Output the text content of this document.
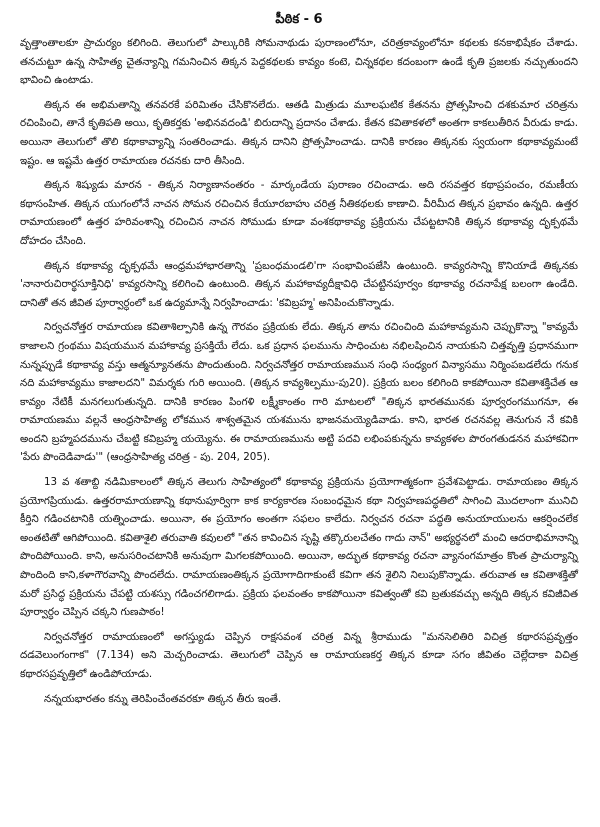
పీఠిక - 6

వృత్తాంతాలకూ ప్రాచుర్యం కలిగింది. తెలుగులో పాల్కురికి సోమనాథుడు పురాణంలోనూ, చరిత్రకావ్యంలోనూ కథలకు కనకాభిషేకం చేశాడు. తనచుట్టూ ఉన్న సాహిత్య చైతన్యాన్ని గమనించిన తిక్కన పెద్దకథలకు కావ్యం కంటె, చిన్నకథల కదంబంగా ఉండే కృతి ప్రజలకు నచ్చుతుందని భావించి ఉంటాడు.

తిక్కన ఈ అభిమతాన్ని తనవరకే పరిమితం చేసికొనలేదు. ఆతడి మిత్రుడు మూలఘటిక కేతనను ప్రోత్సహించి దశకుమార చరిత్రను రచింపించి, తానే కృతిపతి అయి, కృతికర్తకు 'అభినవదండి' బిరుదాన్ని ప్రదానం చేశాడు. కేతన కవితాకళలో అంతగా కాకలుతీరిన వీరుడు కాడు. అయినా తెలుగులో తొలి కథాకావ్యాన్ని సంతరించాడు. తిక్కన దానిని ప్రోత్సహించాడు. దానికి కారణం తిక్కనకు స్వయంగా కథాకావ్యమంటే ఇష్టం. ఆ ఇష్టమే ఉత్తర రామాయణ రచనకు దారి తీసింది.

తిక్కన శిష్యుడు మారన - తిక్కన నిర్యాణానంతరం - మార్కండేయ పురాణం రచించాడు. అది రసవత్తర కథాప్రపంచం, రమణీయ కథాసంహిత. తిక్కన యుగంలోనే నాచన సోమన రచించిన కేయూరబాహు చరిత్ర నీతికథలకు కాణాచి. వీరిమీద తిక్కన ప్రభావం ఉన్నది. ఉత్తర రామాయణంలో ఉత్తర హరివంశాన్ని రచించిన నాచన సోముడు కూడా వంశకథాకావ్య ప్రక్రియను చేపట్టటానికి తిక్కన కథాకావ్య దృక్పథమే దోహదం చేసింది.

తిక్కన కథాకావ్య దృక్పథమే ఆంధ్రమహాభారతాన్ని 'ప్రబంధమండలి'గా సంభావింపజేసి ఉంటుంది. కావ్యరసాన్ని కొనియాడే తిక్కనకు 'నానారుచిరార్థసూక్తినిధి' కావ్యరసాన్ని కలిగించి ఉంటుంది. తిక్కన మహాకావ్యదీక్షావిధి చేపట్టినపూర్వం కథాకావ్య రచనాపేక్ష బలంగా ఉండేది. దానితో తన జీవిత పూర్వార్ధంలో ఒక ఉద్యమాన్నే నిర్వహించాడు: 'కవిబ్రహ్మ' అనిపించుకొన్నాడు.

నిర్వచనోత్తర రామాయణ కవితాశిల్పానికి ఉన్న గౌరవం ప్రక్రియకు లేదు. తిక్కన తాను రచించింది మహాకావ్యమని చెప్పుకొన్నా "కావ్యమే కాజాలని గ్రంథము విషయమున మహాకావ్య ప్రసక్తియే లేదు. ఒక ప్రధాన ఫలమును సాధించుట నభిలషించిన నాయకుని చిత్తవృత్తి ప్రధానముగా నున్నప్పుడే కథాకావ్య వస్తు ఆత్మన్యూనతను పొందుతుంది. నిర్వచనోత్తర రామాయణమున సంధి సంధ్యంగ విన్యాసము నిర్మింపబడలేదు గనుక నది మహాకావ్యము కాజాలదని" విమర్శకు గురి అయింది. (తిక్కన కావ్యశిల్పము-పు20). ప్రక్రియ బలం కలిగింది కాకపోయినా కవితాశక్తిచేత ఆ కావ్యం నేటికీ మనగలుగుతున్నది. దానికి కారణం పింగళి లక్ష్మీకాంతం గారి మాటలలో "తిక్కన భారతమునకు పూర్వరంగముగనూ, ఈ రామాయణము వల్లనే ఆంధ్రసాహిత్య లోకమున శాశ్వతమైన యశమును భాజనమయ్యెడివాడు. కాని, భారత రచనవల్ల తెనుగున నే కవికి అందని బ్రహ్మపదమును చేబట్టి కవిబ్రహ్మ యయ్యెను. ఈ రామాయణమును అట్టి పదవి లభింపకున్నను కావ్యకళల పొరంగతుడనన మహాకవిగా 'పేరు పొందెడివాడు'" (ఆంధ్రసాహిత్య చరిత్ర - పు. 204, 205).

13 వ శతాబ్ది నడిమికాలంలో తిక్కన తెలుగు సాహిత్యంలో కథాకావ్య ప్రక్రియను ప్రయోగాత్మకంగా ప్రవేశపెట్టాడు. రామాయణం తిక్కన ప్రయోగప్రియుడు. ఉత్తరరామాయణాన్ని కథానుపూర్విగా కాక కార్యకారణ సంబంధమైన కథా నిర్వహణపద్ధతిలో సాగించి మొదలాంగా మునిచి కీర్తిని గడించటానికి యత్నించాడు. అయినా, ఈ ప్రయోగం అంతగా సఫలం కాలేదు. నిర్వచన రచనా పద్ధతి అనుయాయులను ఆకర్షించలేక అంతటితో ఆగిపోయింది. కవితాశైలి తరువాతి కవులలో "తన కావించిన సృష్టి తక్కొరులచేతం గాదు నాన్" అభ్యర్థనలో మంచి ఆదరాభిమానాన్ని పొందిపోయింది. కాని, అనుసరించటానికి అనువుగా మిగలకపోయింది. అయినా, అద్భుత కథాకావ్య రచనా వ్యానంగమాత్రం కొంత ప్రాచుర్యాన్ని పొందింది కాని,కళాగౌరవాన్ని పొందలేదు. రామాయణంతిక్కన ప్రయోగాదిగాకుంటే కవిగా తన శైలిని నిలుపుకొన్నాడు. తరువాత ఆ కవితాశక్తితో మరో ప్రసిద్ధ ప్రక్రియను చేపట్టి యశస్సు గడించగలిగాడు. ప్రక్రియ ఫలవంతం కాకపోయినా కవిత్వంతో కవి బ్రతుకవచ్చు అన్నది తిక్కన కవిజీవిత పూర్వార్ధం చెప్పిన చక్కని గుణపాఠం!

నిర్వచనోత్తర రామాయణంలో అగస్త్యుడు చెప్పిన రాక్షసవంశ చరిత్ర విన్న శ్రీరాముడు "మనసెలితిరి విచిత్ర కథారసప్రవృత్తం దడవెలుంగంగాక" (7.134) అని మెచ్చరించాడు. తెలుగులో చెప్పిన ఆ రామాయణకర్త తిక్కన కూడా సగం జీవితం చెల్లేదాకా విచిత్ర కథారసప్రవృత్తిలో ఉండిపోయాడు.

నన్నయభారతం కన్ను తెరిపించేంతవరకూ తిక్కన తీరు ఇంతే.
